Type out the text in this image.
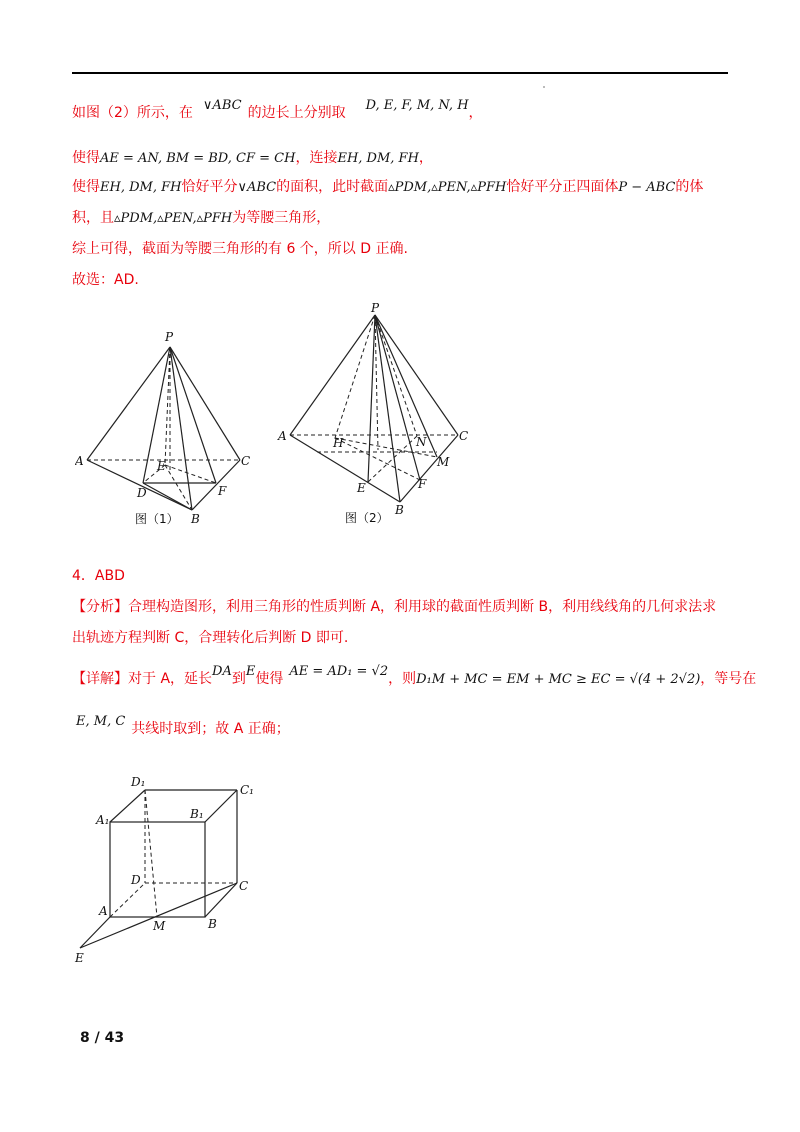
如图（2）所示，在 ∨ABC 的边长上分别取 D, E, F, M, N, H，
使得AE = AN, BM = BD, CF = CH，连接EH, DM, FH，
使得EH, DM, FH恰好平分∨ABC的面积，此时截面▵PDM,▵PEN,▵PFH恰好平分正四面体P − ABC的体
积，且▵PDM,▵PEN,▵PFH为等腰三角形，
综上可得，截面为等腰三角形的有 6 个，所以 D 正确.
故选：AD.
P
A	C
E
D	F
B
图（1）
P
A	H	N	C
M
E	F
B
图（2）
4．ABD
【分析】合理构造图形，利用三角形的性质判断 A，利用球的截面性质判断 B，利用线线角的几何求法求
出轨迹方程判断 C，合理转化后判断 D 即可.
【详解】对于 A，延长DA到E使得 AE = AD₁ = √2，则D₁M + MC = EM + MC ≥ EC = √(4 + 2√2)，等号在
E, M, C 共线时取到；故 A 正确；
D₁
C₁
A₁	B₁
D	C
A
M	B
E
8 / 43
